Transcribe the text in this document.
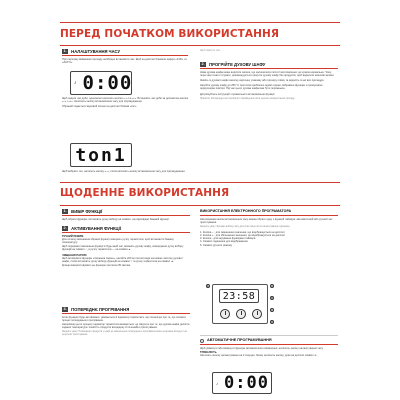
ПЕРЕД ПОЧАТКОМ ВИКОРИСТАННЯ
1.	НАЛАШТУВАННЯ ЧАСУ
При першому ввімкненні приладу необхідно встановити час. Щоб на дисплеї блимали цифри «0:00» та «AUTO».
♪ 0:00
Щоб задати час доби, одночасно натисніть кнопки «–» та «+». Встановіть час доби за допомогою кнопок «–» і «+». Натисніть кнопку встановлення часу для підтвердження.
Обраний подається звуковий сигнал на дисплеї блимає «ton»
ton1
Щоб вибрати тон, натисніть кнопку «–»; потім натисніть кнопку встановлення часу для підтвердження.
Щоб змінити час, ...
2.	ПРОГРІЙТЕ ДУХОВУ ШАФУ
Нова духова шафа може виділяти запахи, що залишилися після її виготовлення; це цілком нормально. Тому, перш ніж почати готувати, рекомендується прогріти духову шафу без продуктів, щоб видалити можливі запахи.
Зніміть із духової шафи захисну картонну упаковку або прозору плівку та видаліть із неї все приладдя.
Нагрійте духову шафу до 250 °C протягом приблизно однієї години, вибравши функцію з примусовою циркуляцією повітря. Під час цього духова шафа має бути порожньою.
Дотримуйтесь інструкцій з правильного встановлення функції.
Примітка: Рекомендується провітрити приміщення після першого використання приладу.
ЩОДЕННЕ ВИКОРИСТАННЯ
1.	ВИБІР ФУНКЦІЇ
Щоб обрати функцію, встановіть ручку вибору на символ, що відповідає бажаній функції.
2.	АКТИВУВАННЯ ФУНКЦІЇ
РУЧНИЙ РЕЖИМ
Для початку виконання обраної функції поверніть ручку термостата, щоб встановити бажану температуру.
Щоб перервати виконання функції в будь-який час, вимкніть духову шафу, повернувши ручку вибору функцій на символ ○, а ручку термостата — на символ ●.
ЧИЩЕННЯ ПАРОЮ
Щоб активувати функцію «Чищення парою», налийте 200 мл питної води на нижню частину духової шафи, потім встановіть ручку вибору функцій на символ ≈ та ручку термостата на символ ▲.
Краще використовувати цю функцію протягом 35 хвилин.
3.	ПОПЕРЕДНЄ ПРОГРІВАННЯ
Коли функцію буде активовано, увімкнеться й індикатор термостата, що сигналізує про те, що почався процес попереднього прогрівання.
Наприкінці цього процесу індикатор термостата вимкнеться, це свідчить про те, що духова шафа досягла заданої температури: помістіть продукти всередину й починайте приготування.
Зверніть увагу: Розміщення продуктів у шафі до завершення попереднього прогрівання може негативно вплинути на результат приготування.
ВИКОРИСТАННЯ ЕЛЕКТРОННОГО ПРОГРАМАТОРА
Натисканням кнопки встановлення часу можна обрати одну з функцій таймера: автоматичний або ручний час приготування.
Зверніть увагу: Функцію вибору часу доступна лише після налаштування годинника.
1. Кнопка – : для зменшення значення, що відображується на дисплеї
2. Кнопка + : для збільшення значення, що відображується на дисплеї
3. Кнопка : для керування функціями таймера
4. Символ годинника для відображення
5. Символ ручного режиму
23:58
A
B
C
D
E
АВТОМАТИЧНЕ ПРОГРАМУВАННЯ
Щоб увімкнути або вимкнути функцію автоматичного вимкнення, натисніть кнопку налаштування часу.
ТРИВАЛІСТЬ
Натисніть кнопку налаштування на 2 секунди. Знову натисніть кнопку, доки на дисплеї символ ⊖.
♪ 0:00
